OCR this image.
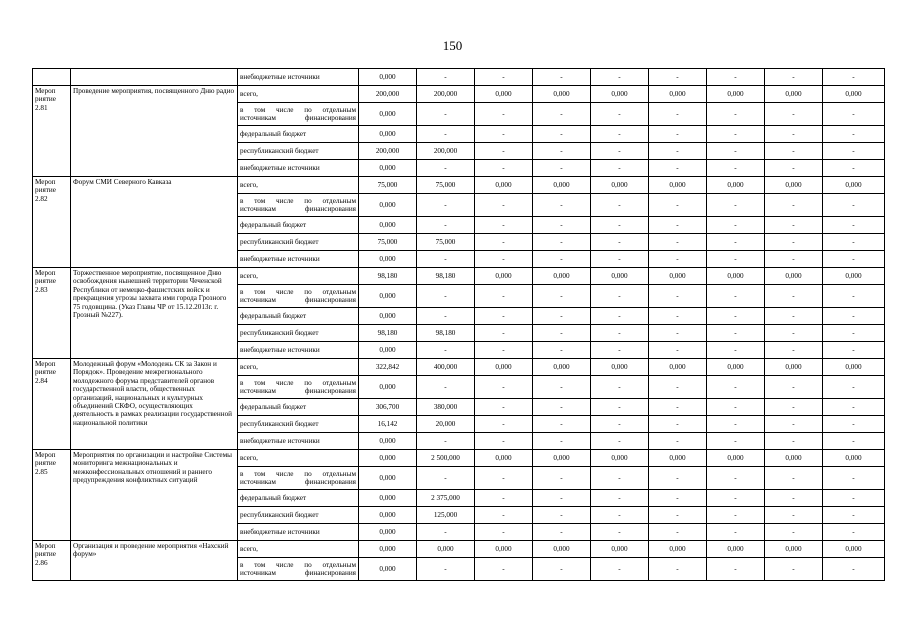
150
		внебюджетные источники	0,000	-	-	-	-	-	-	-	-
Мероп риятие 2.81	Проведение мероприятия, посвященного Дню радио	всего,	200,000	200,000	0,000	0,000	0,000	0,000	0,000	0,000	0,000
		в том числе по отдельным источникам финансирования	0,000	-	-	-	-	-	-	-	-
		федеральный бюджет	0,000	-	-	-	-	-	-	-	-
		республиканский бюджет	200,000	200,000	-	-	-	-	-	-	-
		внебюджетные источники	0,000	-	-	-	-	-	-	-	-
Мероп риятие 2.82	Форум СМИ Северного Кавказа	всего,	75,000	75,000	0,000	0,000	0,000	0,000	0,000	0,000	0,000
		в том числе по отдельным источникам финансирования	0,000	-	-	-	-	-	-	-	-
		федеральный бюджет	0,000	-	-	-	-	-	-	-	-
		республиканский бюджет	75,000	75,000	-	-	-	-	-	-	-
		внебюджетные источники	0,000	-	-	-	-	-	-	-	-
Мероп риятие 2.83	Торжественное мероприятие, посвященное Дню освобождения нынешней территории Чеченской Республики от немецко-фашистских войск и прекращения угрозы захвата ими города Грозного 75 годовщина. (Указ Главы ЧР от 15.12.2013г. г. Грозный №227).	всего,	98,180	98,180	0,000	0,000	0,000	0,000	0,000	0,000	0,000
		в том числе по отдельным источникам финансирования	0,000	-	-	-	-	-	-	-	-
		федеральный бюджет	0,000	-	-	-	-	-	-	-	-
		республиканский бюджет	98,180	98,180	-	-	-	-	-	-	-
		внебюджетные источники	0,000	-	-	-	-	-	-	-	-
Мероп риятие 2.84	Молодежный форум «Молодежь СК за Закон и Порядок». Проведение межрегионального молодежного форума представителей органов государственной власти, общественных организаций, национальных и культурных объединений СКФО, осуществляющих деятельность в рамках реализации государственной национальной политики	всего,	322,842	400,000	0,000	0,000	0,000	0,000	0,000	0,000	0,000
		в том числе по отдельным источникам финансирования	0,000	-	-	-	-	-	-	-	-
		федеральный бюджет	306,700	380,000	-	-	-	-	-	-	-
		республиканский бюджет	16,142	20,000	-	-	-	-	-	-	-
		внебюджетные источники	0,000	-	-	-	-	-	-	-	-
Мероп риятие 2.85	Мероприятия по организации и настройке Системы мониторинга межнациональных и межконфессиональных отношений и раннего предупреждения конфликтных ситуаций	всего,	0,000	2 500,000	0,000	0,000	0,000	0,000	0,000	0,000	0,000
		в том числе по отдельным источникам финансирования	0,000	-	-	-	-	-	-	-	-
		федеральный бюджет	0,000	2 375,000	-	-	-	-	-	-	-
		республиканский бюджет	0,000	125,000	-	-	-	-	-	-	-
		внебюджетные источники	0,000	-	-	-	-	-	-	-	-
Мероп риятие 2.86	Организация и проведение мероприятия «Нахский форум»	всего,	0,000	0,000	0,000	0,000	0,000	0,000	0,000	0,000	0,000
		в том числе по отдельным источникам финансирования	0,000	-	-	-	-	-	-	-	-
